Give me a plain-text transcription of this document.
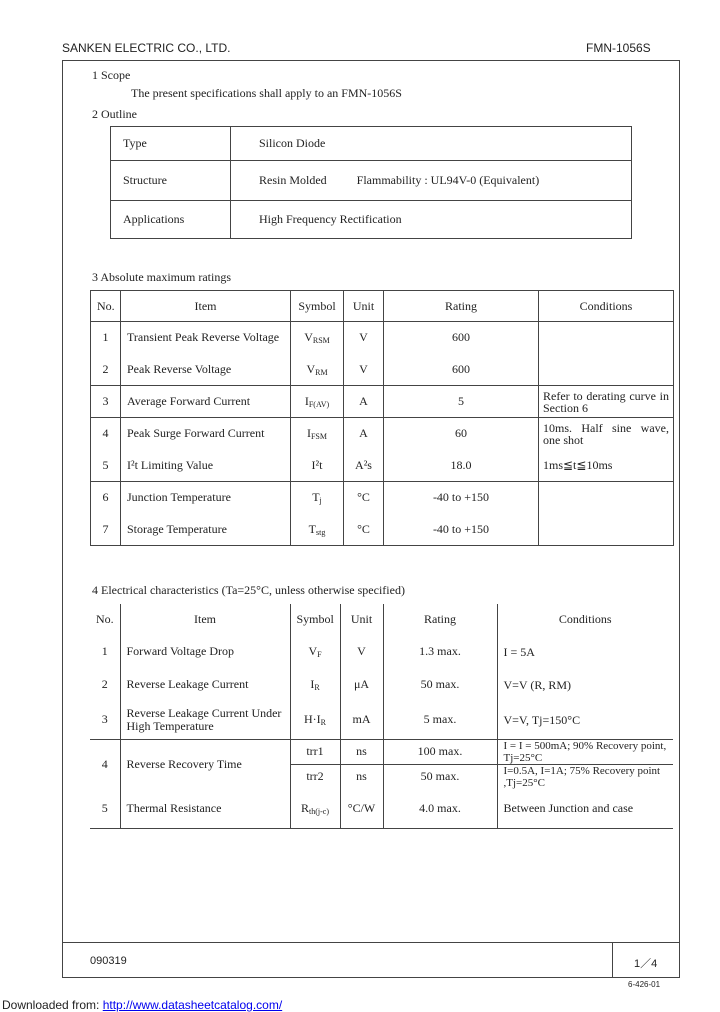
SANKEN ELECTRIC CO., LTD.	FMN-1056S
1 Scope
The present specifications shall apply to an FMN-1056S
2 Outline
Type	Silicon Diode
Structure	Resin Molded Flammability : UL94V-0 (Equivalent)
Applications	High Frequency Rectification
3 Absolute maximum ratings
No.	Item	Symbol	Unit	Rating	Conditions
1	Transient Peak Reverse Voltage	$V_{RSM}$	V	600	
2	Peak Reverse Voltage	$V_{RM}$	V	600	
3	Average Forward Current	$I_{F(AV)}$	A	5	Refer to derating curve in Section 6
4	Peak Surge Forward Current	$I_{FSM}$	A	60	10ms. Half sine wave, one shot
5	I²t Limiting Value	I²t	A²s	18.0	1ms≦t≦10ms
6	Junction Temperature	$T_j$	°C	-40 to +150	
7	Storage Temperature	$T_{stg}$	°C	-40 to +150	
4 Electrical characteristics (Ta=25°C, unless otherwise specified)
No.	Item	Symbol	Unit	Rating	Conditions
1	Forward Voltage Drop	$V_F$	V	1.3 max.	I = 5A
2	Reverse Leakage Current	$I_R$	μA	50 max.	V=V (R, RM)
3	Reverse Leakage Current Under High Temperature	$H\cdot I_R$	mA	5 max.	V=V, Tj=150°C
4	Reverse Recovery Time	trr1	ns	100 max.	I = I = 500mA; 90% Recovery point, Tj=25°C
		trr2	ns	50 max.	I=0.5A, I=1A; 75% Recovery point ,Tj=25°C
5	Thermal Resistance	$R_{th(j-c)}$	°C/W	4.0 max.	Between Junction and case
090319	1／4
6-426-01
Downloaded from: http://www.datasheetcatalog.com/
